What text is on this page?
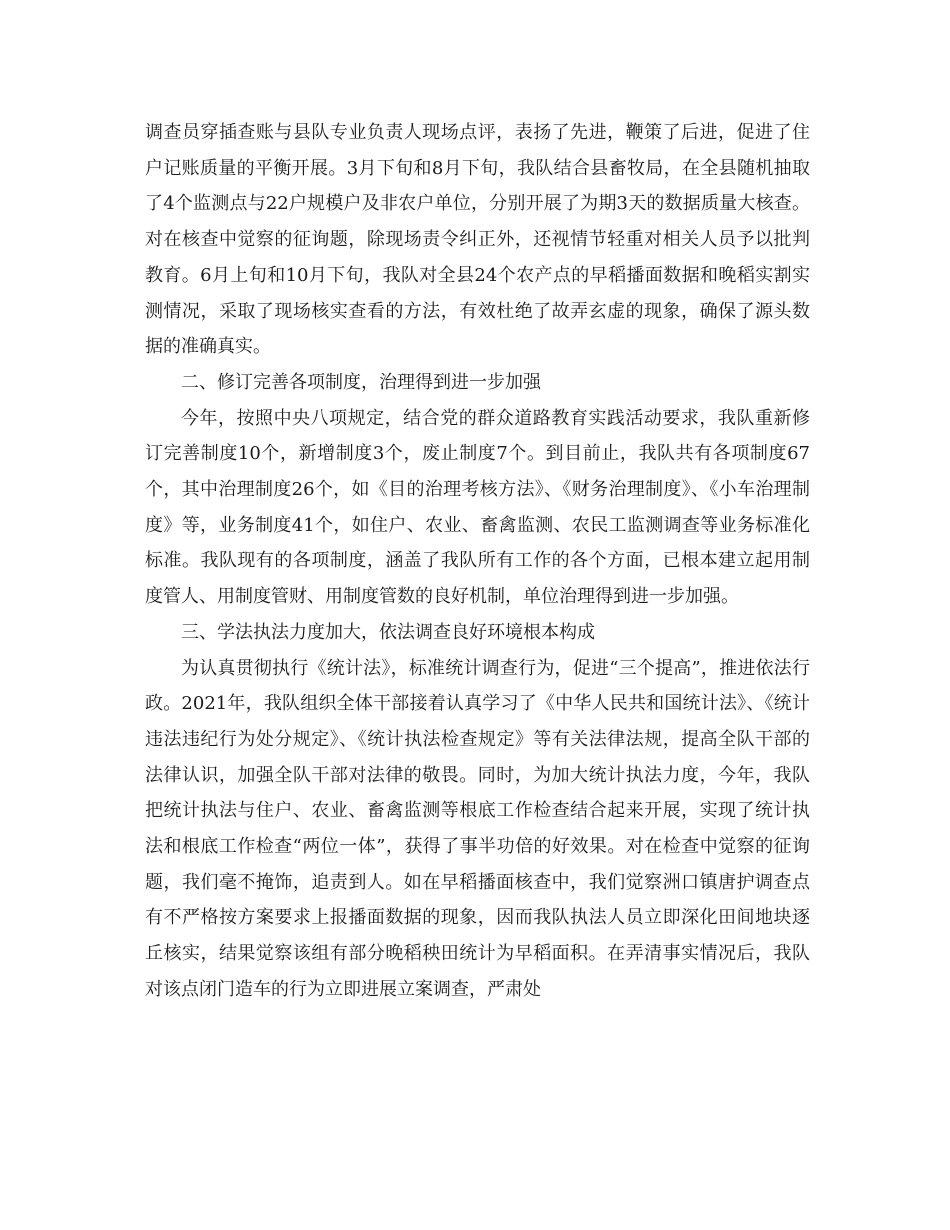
调查员穿插查账与县队专业负责人现场点评，表扬了先进，鞭策了后进，促进了住户记账质量的平衡开展。3月下旬和8月下旬，我队结合县畜牧局，在全县随机抽取了4个监测点与22户规模户及非农户单位，分别开展了为期3天的数据质量大核查。对在核查中觉察的征询题，除现场责令纠正外，还视情节轻重对相关人员予以批判教育。6月上旬和10月下旬，我队对全县24个农产点的早稻播面数据和晚稻实割实测情况，采取了现场核实查看的方法，有效杜绝了故弄玄虚的现象，确保了源头数据的准确真实。

二、修订完善各项制度，治理得到进一步加强

今年，按照中央八项规定，结合党的群众道路教育实践活动要求，我队重新修订完善制度10个，新增制度3个，废止制度7个。到目前止，我队共有各项制度67个，其中治理制度26个，如《目的治理考核方法》、《财务治理制度》、《小车治理制度》等，业务制度41个，如住户、农业、畜禽监测、农民工监测调查等业务标准化标准。我队现有的各项制度，涵盖了我队所有工作的各个方面，已根本建立起用制度管人、用制度管财、用制度管数的良好机制，单位治理得到进一步加强。

三、学法执法力度加大，依法调查良好环境根本构成

为认真贯彻执行《统计法》，标准统计调查行为，促进“三个提高”，推进依法行政。2021年，我队组织全体干部接着认真学习了《中华人民共和国统计法》、《统计违法违纪行为处分规定》、《统计执法检查规定》等有关法律法规，提高全队干部的法律认识，加强全队干部对法律的敬畏。同时，为加大统计执法力度，今年，我队把统计执法与住户、农业、畜禽监测等根底工作检查结合起来开展，实现了统计执法和根底工作检查“两位一体”，获得了事半功倍的好效果。对在检查中觉察的征询题，我们毫不掩饰，追责到人。如在早稻播面核查中，我们觉察洲口镇唐护调查点有不严格按方案要求上报播面数据的现象，因而我队执法人员立即深化田间地块逐丘核实，结果觉察该组有部分晚稻秧田统计为早稻面积。在弄清事实情况后，我队对该点闭门造车的行为立即进展立案调查，严肃处
